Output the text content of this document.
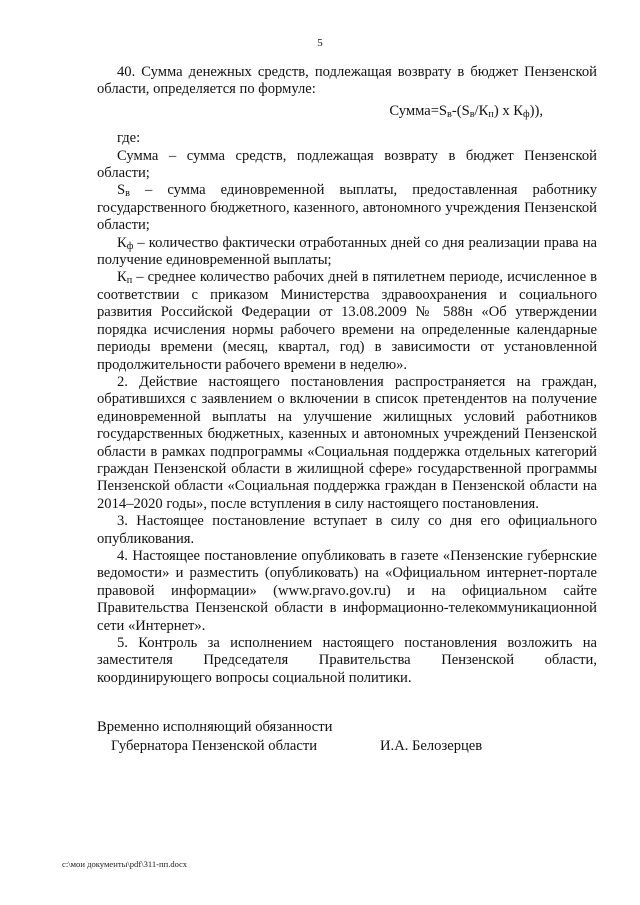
5

40. Сумма денежных средств, подлежащая возврату в бюджет Пензенской области, определяется по формуле:

$Сумма=S_в-(S_в/К_п)$ х $К_ф$)),

где:

Сумма – сумма средств, подлежащая возврату в бюджет Пензенской области;

$S_в$ – сумма единовременной выплаты, предоставленная работнику государственного бюджетного, казенного, автономного учреждения Пензенской области;

$К_ф$ – количество фактически отработанных дней со дня реализации права на получение единовременной выплаты;

$К_п$ – среднее количество рабочих дней в пятилетнем периоде, исчисленное в соответствии с приказом Министерства здравоохранения и социального развития Российской Федерации от 13.08.2009 № 588н «Об утверждении порядка исчисления нормы рабочего времени на определенные календарные периоды времени (месяц, квартал, год) в зависимости от установленной продолжительности рабочего времени в неделю».

2. Действие настоящего постановления распространяется на граждан, обратившихся с заявлением о включении в список претендентов на получение единовременной выплаты на улучшение жилищных условий работников государственных бюджетных, казенных и автономных учреждений Пензенской области в рамках подпрограммы «Социальная поддержка отдельных категорий граждан Пензенской области в жилищной сфере» государственной программы Пензенской области «Социальная поддержка граждан в Пензенской области на 2014–2020 годы», после вступления в силу настоящего постановления.

3. Настоящее постановление вступает в силу со дня его официального опубликования.

4. Настоящее постановление опубликовать в газете «Пензенские губернские ведомости» и разместить (опубликовать) на «Официальном интернет-портале правовой информации» (www.pravo.gov.ru) и на официальном сайте Правительства Пензенской области в информационно-телекоммуникационной сети «Интернет».

5. Контроль за исполнением настоящего постановления возложить на заместителя Председателя Правительства Пензенской области, координирующего вопросы социальной политики.

Временно исполняющий обязанности
Губернатора Пензенской области	И.А. Белозерцев
c:\мои документы\pdf\311-пп.docx
